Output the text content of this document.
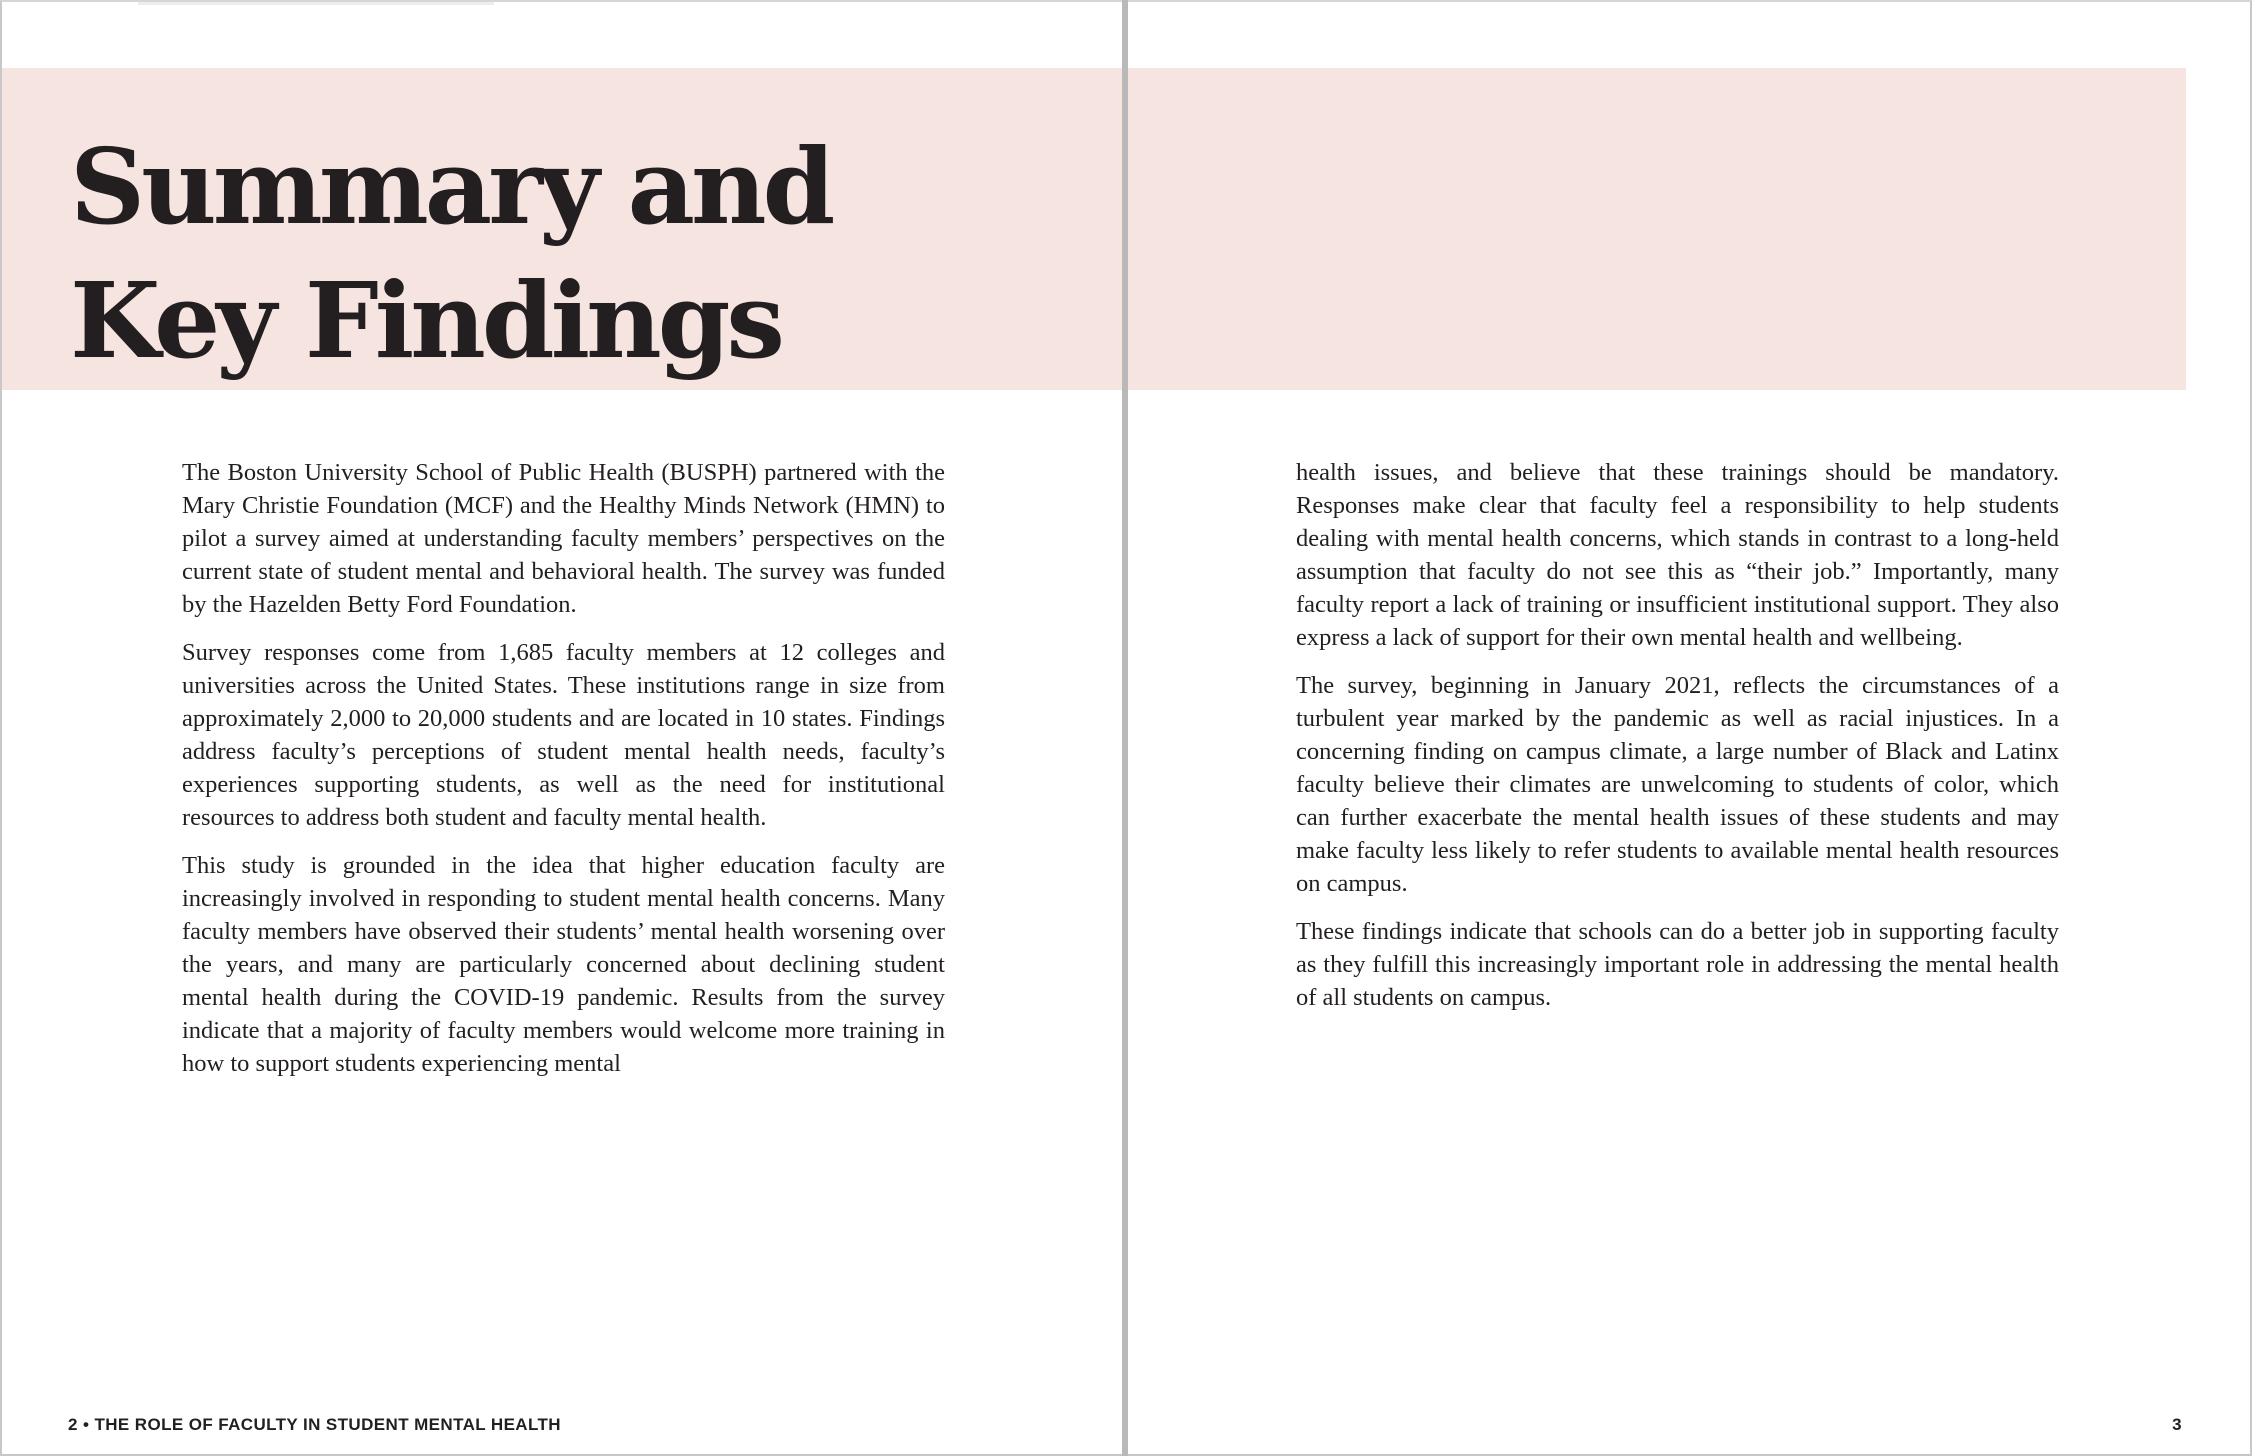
Summary and
Key Findings

The Boston University School of Public Health (BUSPH) partnered with the Mary Christie Foundation (MCF) and the Healthy Minds Network (HMN) to pilot a survey aimed at understanding faculty members’ perspectives on the current state of student mental and behavioral health. The survey was funded by the Hazelden Betty Ford Foundation.

Survey responses come from 1,685 faculty members at 12 colleges and universities across the United States. These institutions range in size from approximately 2,000 to 20,000 students and are located in 10 states. Findings address faculty’s perceptions of student mental health needs, faculty’s experiences supporting students, as well as the need for institutional resources to address both student and faculty mental health.

This study is grounded in the idea that higher education faculty are increasingly involved in responding to student mental health concerns. Many faculty members have observed their students’ mental health worsening over the years, and many are particularly concerned about declining student mental health during the COVID-19 pandemic. Results from the survey indicate that a majority of faculty members would welcome more training in how to support students experiencing mental

2 • THE ROLE OF FACULTY IN STUDENT MENTAL HEALTH

health issues, and believe that these trainings should be mandatory. Responses make clear that faculty feel a responsibility to help students dealing with mental health concerns, which stands in contrast to a long-held assumption that faculty do not see this as “their job.” Importantly, many faculty report a lack of training or insufficient institutional support. They also express a lack of support for their own mental health and wellbeing.

The survey, beginning in January 2021, reflects the circumstances of a turbulent year marked by the pandemic as well as racial injustices. In a concerning finding on campus climate, a large number of Black and Latinx faculty believe their climates are unwelcoming to students of color, which can further exacerbate the mental health issues of these students and may make faculty less likely to refer students to available mental health resources on campus.

These findings indicate that schools can do a better job in supporting faculty as they fulfill this increasingly important role in addressing the mental health of all students on campus.

3
